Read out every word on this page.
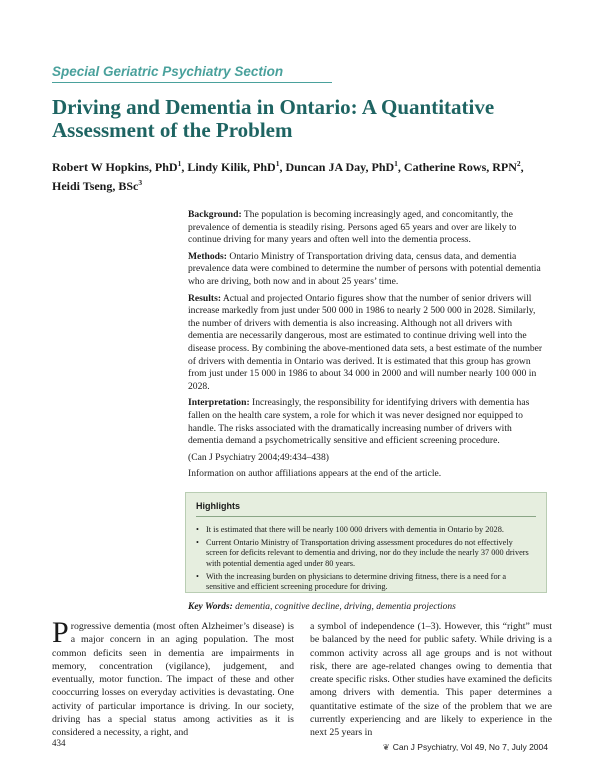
Special Geriatric Psychiatry Section
Driving and Dementia in Ontario: A Quantitative Assessment of the Problem
Robert W Hopkins, PhD$^1$, Lindy Kilik, PhD$^1$, Duncan JA Day, PhD$^1$, Catherine Rows, RPN$^2$, Heidi Tseng, BSc$^3$

Background: The population is becoming increasingly aged, and concomitantly, the prevalence of dementia is steadily rising. Persons aged 65 years and over are likely to continue driving for many years and often well into the dementia process.

Methods: Ontario Ministry of Transportation driving data, census data, and dementia prevalence data were combined to determine the number of persons with potential dementia who are driving, both now and in about 25 years’ time.

Results: Actual and projected Ontario figures show that the number of senior drivers will increase markedly from just under 500 000 in 1986 to nearly 2 500 000 in 2028. Similarly, the number of drivers with dementia is also increasing. Although not all drivers with dementia are necessarily dangerous, most are estimated to continue driving well into the disease process. By combining the above-mentioned data sets, a best estimate of the number of drivers with dementia in Ontario was derived. It is estimated that this group has grown from just under 15 000 in 1986 to about 34 000 in 2000 and will number nearly 100 000 in 2028.

Interpretation: Increasingly, the responsibility for identifying drivers with dementia has fallen on the health care system, a role for which it was never designed nor equipped to handle. The risks associated with the dramatically increasing number of drivers with dementia demand a psychometrically sensitive and efficient screening procedure.

(Can J Psychiatry 2004;49:434–438)

Information on author affiliations appears at the end of the article.

Highlights
• It is estimated that there will be nearly 100 000 drivers with dementia in Ontario by 2028.
• Current Ontario Ministry of Transportation driving assessment procedures do not effectively screen for deficits relevant to dementia and driving, nor do they include the nearly 37 000 drivers with potential dementia aged under 80 years.
• With the increasing burden on physicians to determine driving fitness, there is a need for a sensitive and efficient screening procedure for driving.
Key Words: dementia, cognitive decline, driving, dementia projections

Progressive dementia (most often Alzheimer’s disease) is a major concern in an aging population. The most common deficits seen in dementia are impairments in memory, concentration (vigilance), judgement, and eventually, motor function. The impact of these and other cooccurring losses on everyday activities is devastating. One activity of particular importance is driving. In our society, driving has a special status among activities as it is considered a necessity, a right, and

a symbol of independence (1–3). However, this “right” must be balanced by the need for public safety. While driving is a common activity across all age groups and is not without risk, there are age-related changes owing to dementia that create specific risks. Other studies have examined the deficits among drivers with dementia. This paper determines a quantitative estimate of the size of the problem that we are currently experiencing and are likely to experience in the next 25 years in

434	❦ Can J Psychiatry, Vol 49, No 7, July 2004
